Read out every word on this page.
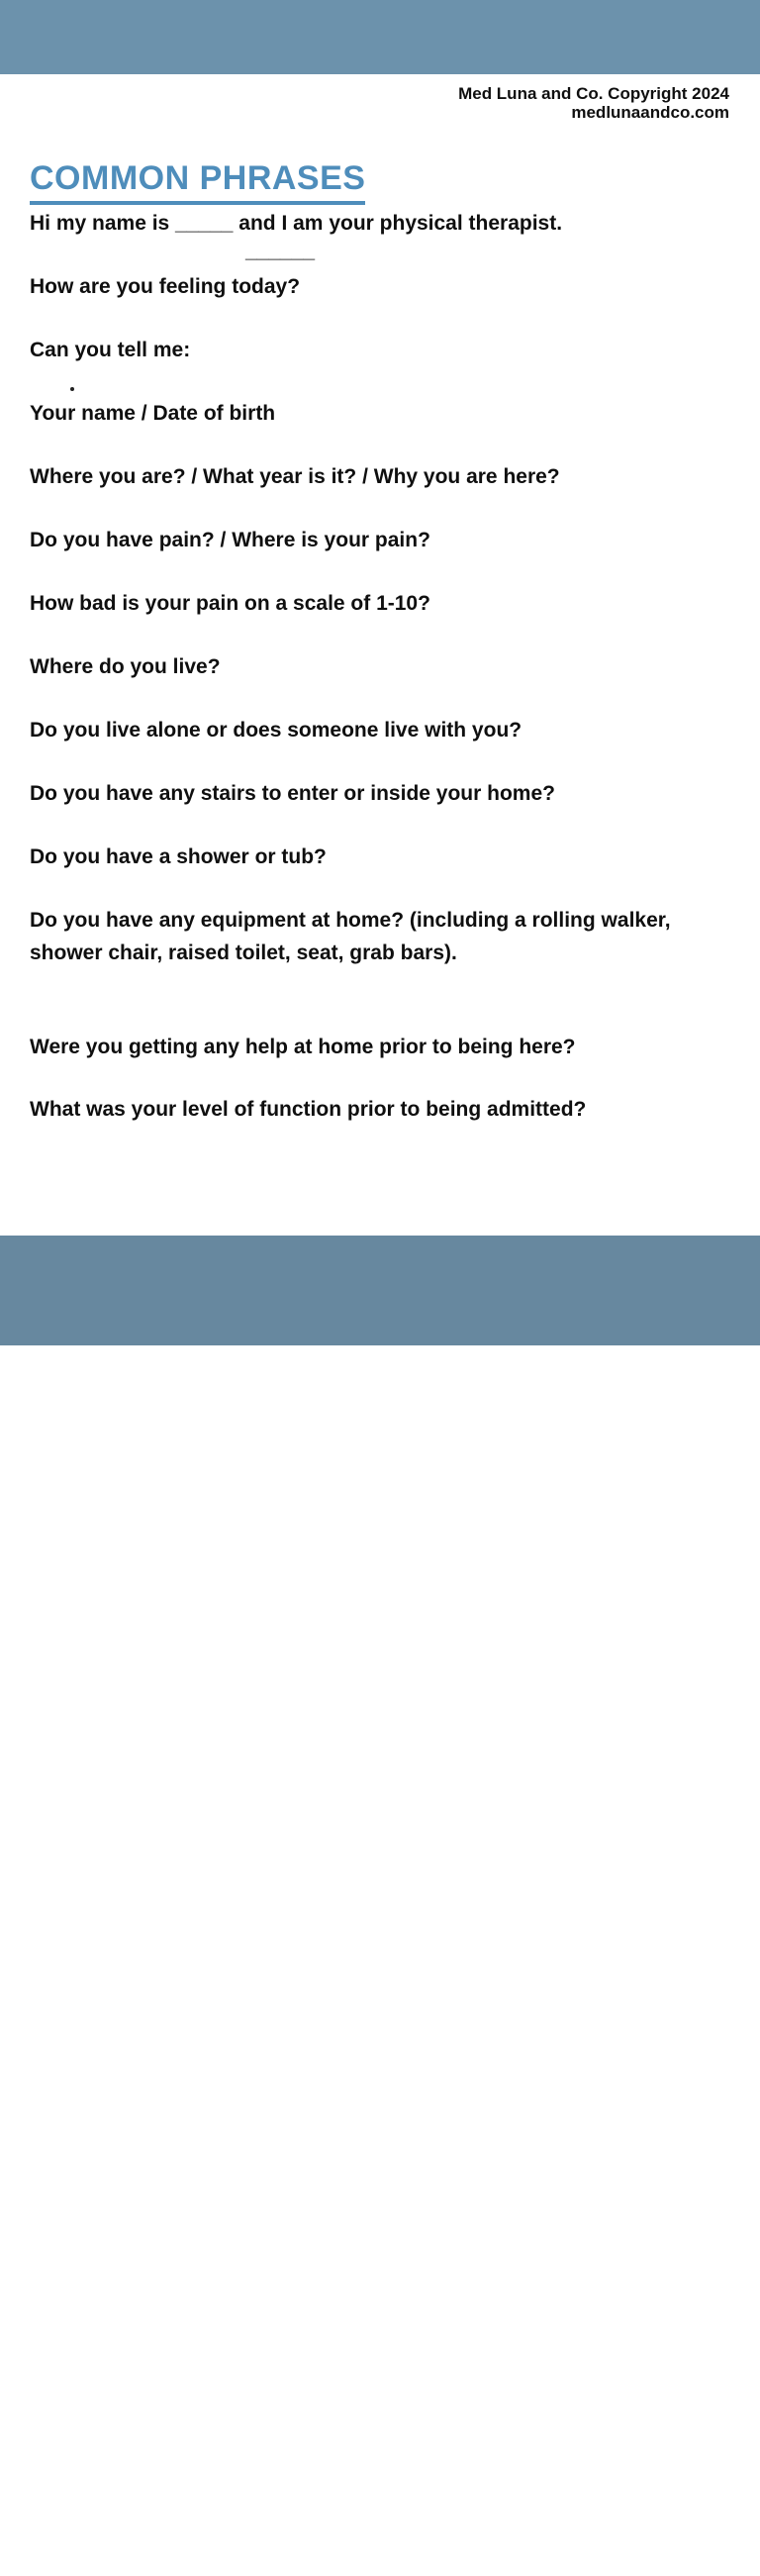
Med Luna and Co. Copyright 2024
medlunaandco.com
COMMON PHRASES

Hi my name is _____ and I am your physical therapist.

______

How are you feeling today?

Can you tell me:

Your name / Date of birth

Where you are? / What year is it? / Why you are here?

Do you have pain? / Where is your pain?

How bad is your pain on a scale of 1-10?

Where do you live?

Do you live alone or does someone live with you?

Do you have any stairs to enter or inside your home?

Do you have a shower or tub?

Do you have any equipment at home? (including a rolling walker, shower chair, raised toilet, seat, grab bars).

Were you getting any help at home prior to being here?

What was your level of function prior to being admitted?

PHYSICAL THERAPY
